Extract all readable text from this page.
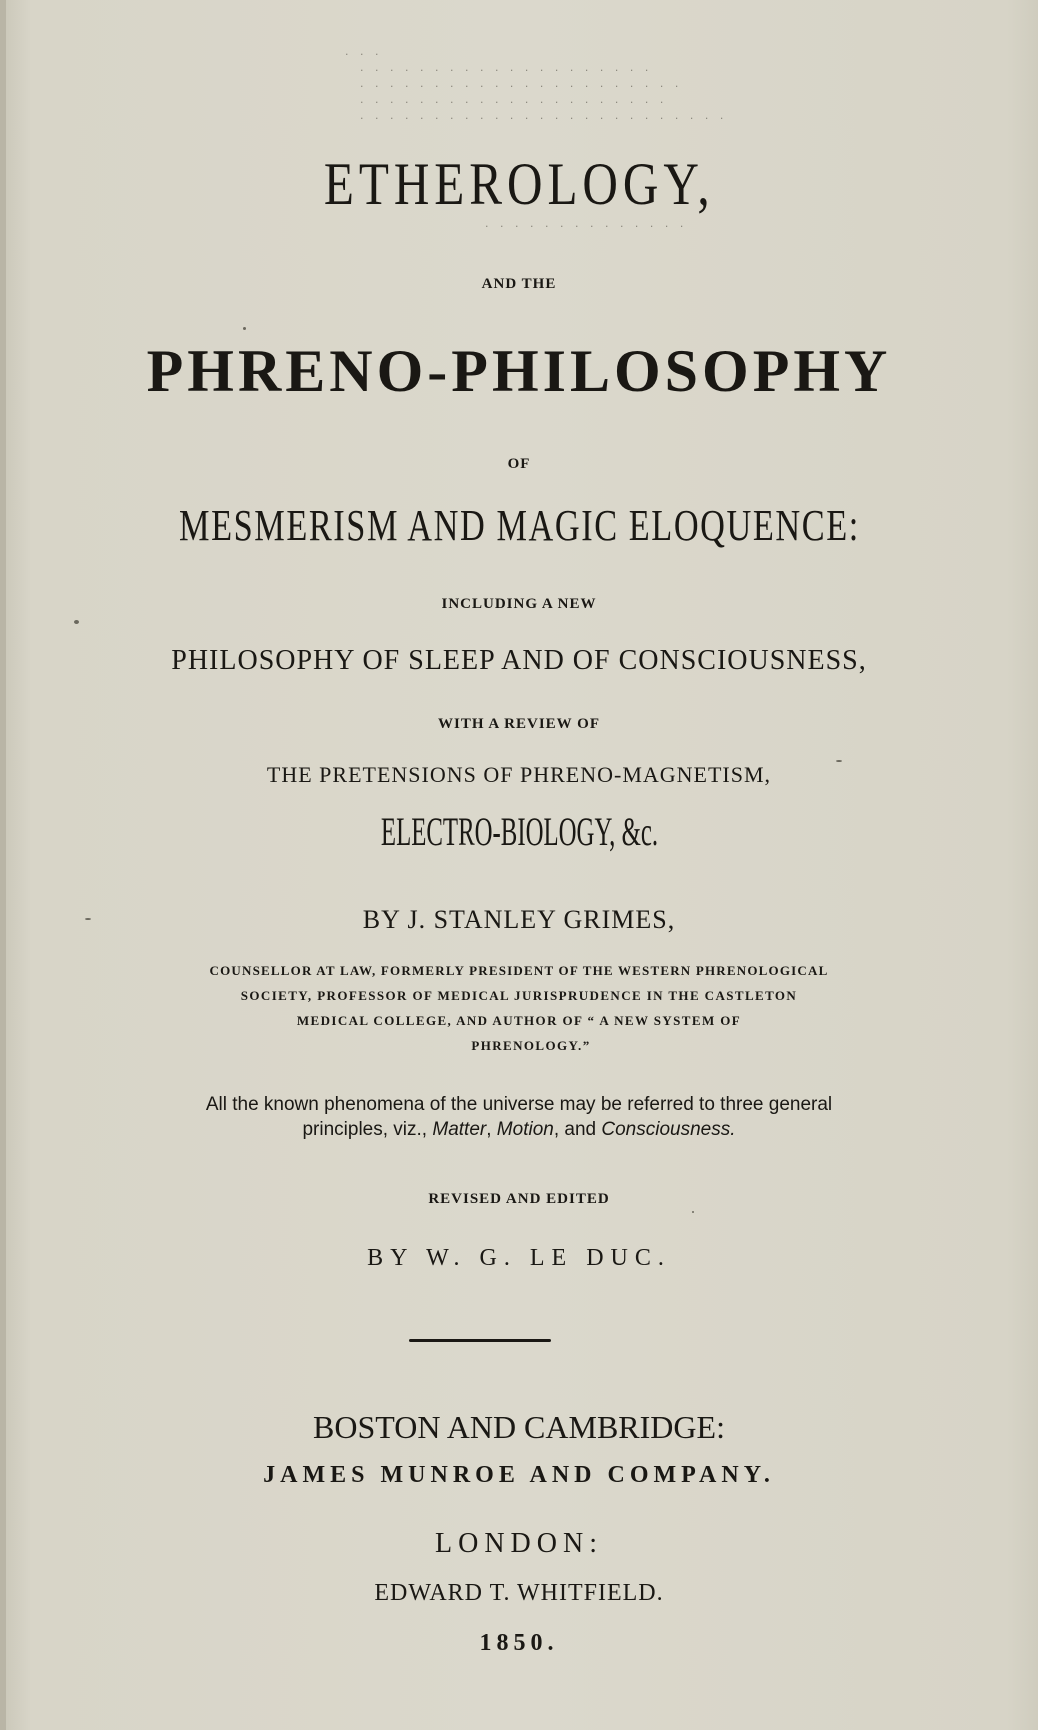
· · ·
· · · · · · · · · · · · · · · · · · · ·
· · · · · · · · · · · · · · · · · · · · · ·
· · · · · · · · · · · · · · · · · · · · ·
· · · · · · · · · · · · · · · · · · · · · · · · ·
· · · · · · · · · · · · · ·
ETHEROLOGY,
AND THE
PHRENO-PHILOSOPHY
OF
MESMERISM AND MAGIC ELOQUENCE:
INCLUDING A NEW
PHILOSOPHY OF SLEEP AND OF CONSCIOUSNESS,
WITH A REVIEW OF
THE PRETENSIONS OF PHRENO-MAGNETISM,
ELECTRO-BIOLOGY, &c.
BY J. STANLEY GRIMES,
COUNSELLOR AT LAW, FORMERLY PRESIDENT OF THE WESTERN PHRENOLOGICAL
SOCIETY, PROFESSOR OF MEDICAL JURISPRUDENCE IN THE CASTLETON
MEDICAL COLLEGE, AND AUTHOR OF “ A NEW SYSTEM OF
PHRENOLOGY.”
All the known phenomena of the universe may be referred to three general
principles, viz., Matter, Motion, and Consciousness.
REVISED AND EDITED
BY W. G. LE DUC.
BOSTON AND CAMBRIDGE:
JAMES MUNROE AND COMPANY.
LONDON:
EDWARD T. WHITFIELD.
1850.
